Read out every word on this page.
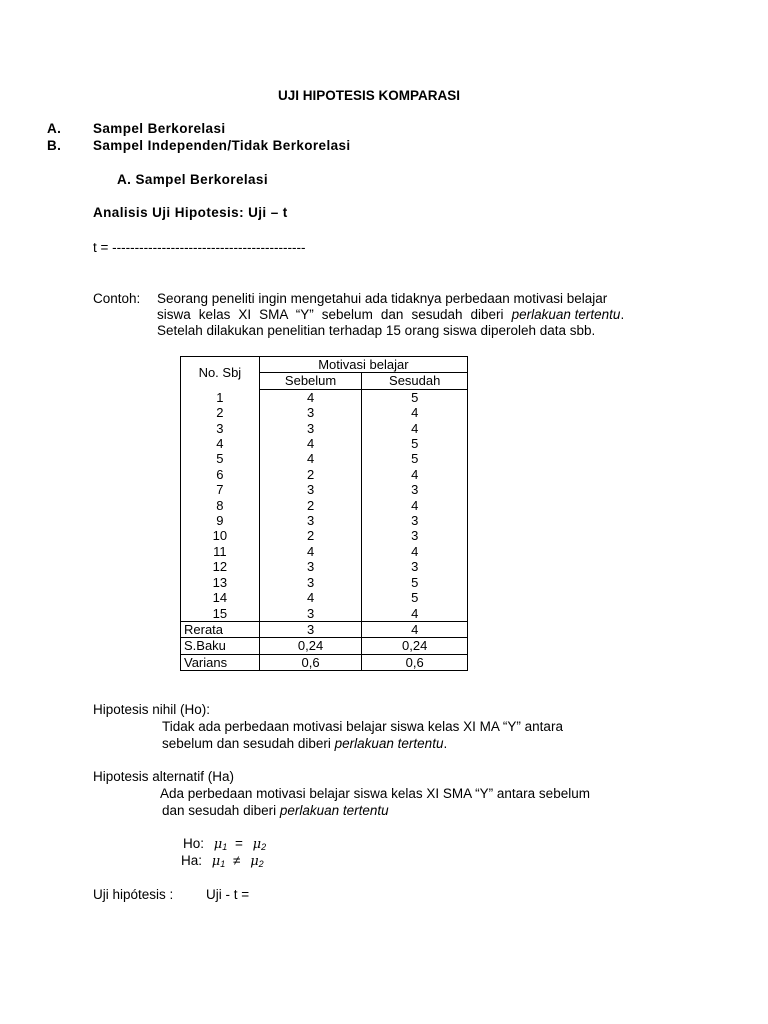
UJI HIPOTESIS KOMPARASI
A. Sampel Berkorelasi
B. Sampel Independen/Tidak Berkorelasi
A. Sampel Berkorelasi
Analisis Uji Hipotesis: Uji – t
t = -------------------------------------------
Contoh: Seorang peneliti ingin mengetahui ada tidaknya perbedaan motivasi belajar
siswa kelas XI SMA “Y” sebelum dan sesudah diberi perlakuan tertentu.
Setelah dilakukan penelitian terhadap 15 orang siswa diperoleh data sbb.
No. Sbj	Motivasi belajar	
	Sebelum	Sesudah
1	4	5
2	3	4
3	3	4
4	4	5
5	4	5
6	2	4
7	3	3
8	2	4
9	3	3
10	2	3
11	4	4
12	3	3
13	3	5
14	4	5
15	3	4
Rerata	3	4
S.Baku	0,24	0,24
Varians	0,6	0,6
Hipotesis nihil (Ho):
Tidak ada perbedaan motivasi belajar siswa kelas XI MA “Y” antara
sebelum dan sesudah diberi perlakuan tertentu.
Hipotesis alternatif (Ha)
Ada perbedaan motivasi belajar siswa kelas XI SMA “Y” antara sebelum
dan sesudah diberi perlakuan tertentu
Ho: $\mu_1 = \mu_2$
Ha: $\mu_1 \ne \mu_2$
Uji hipótesis : Uji - t =
